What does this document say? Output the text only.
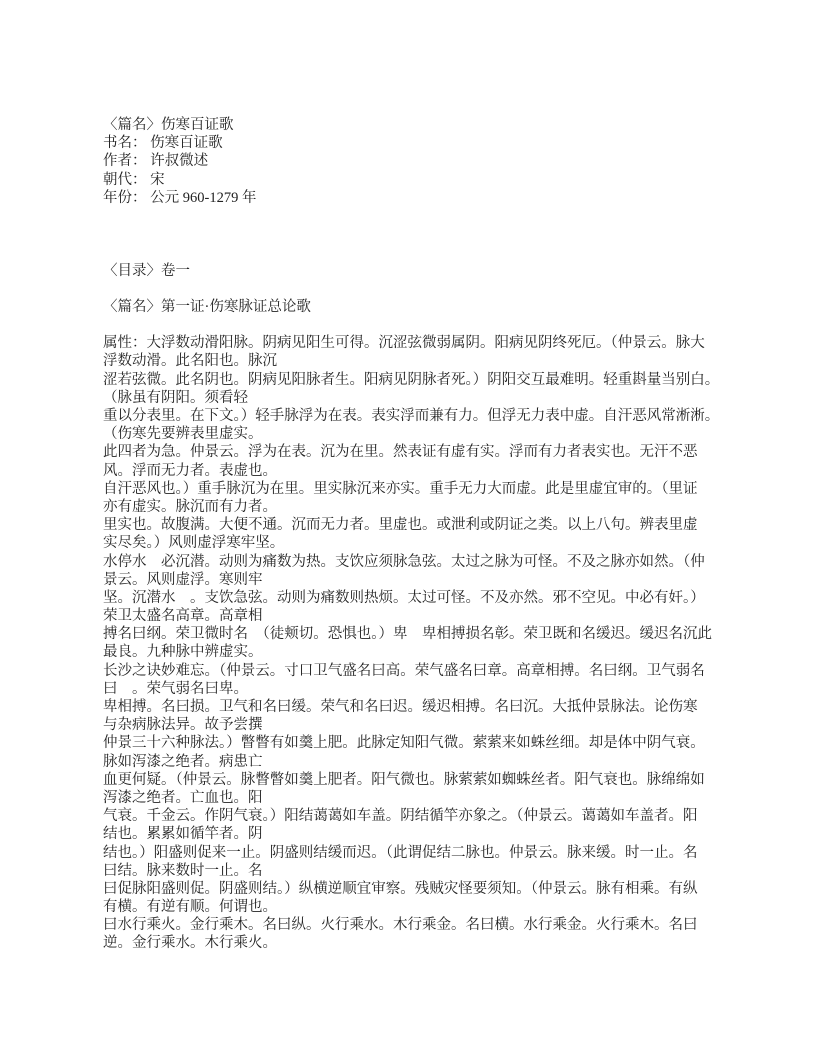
〈篇名〉伤寒百证歌
书名： 伤寒百证歌
作者： 许叔微述
朝代： 宋
年份： 公元 960-1279 年
〈目录〉卷一
〈篇名〉第一证·伤寒脉证总论歌
属性：大浮数动滑阳脉。阴病见阳生可得。沉涩弦微弱属阴。阳病见阴终死厄。（仲景云。脉大
浮数动滑。此名阳也。脉沉
涩若弦微。此名阴也。阴病见阳脉者生。阳病见阴脉者死。）阴阳交互最难明。轻重斟量当别白。
（脉虽有阴阳。须看轻
重以分表里。在下文。）轻手脉浮为在表。表实浮而兼有力。但浮无力表中虚。自汗恶风常淅淅。
（伤寒先要辨表里虚实。
此四者为急。仲景云。浮为在表。沉为在里。然表证有虚有实。浮而有力者表实也。无汗不恶
风。浮而无力者。表虚也。
自汗恶风也。）重手脉沉为在里。里实脉沉来亦实。重手无力大而虚。此是里虚宜审的。（里证
亦有虚实。脉沉而有力者。
里实也。故腹满。大便不通。沉而无力者。里虚也。或泄利或阴证之类。以上八句。辨表里虚
实尽矣。）风则虚浮寒牢坚。
水停水　必沉潜。动则为痛数为热。支饮应须脉急弦。太过之脉为可怪。不及之脉亦如然。（仲
景云。风则虚浮。寒则牢
坚。沉潜水　。支饮急弦。动则为痛数则热烦。太过可怪。不及亦然。邪不空见。中必有奸。）
荣卫太盛名高章。高章相
搏名曰纲。荣卫微时名　（徒颊切。恐惧也。）卑　卑相搏损名彰。荣卫既和名缓迟。缓迟名沉此
最良。九种脉中辨虚实。
长沙之诀妙难忘。（仲景云。寸口卫气盛名曰高。荣气盛名曰章。高章相搏。名曰纲。卫气弱名
曰　。荣气弱名曰卑。
卑相搏。名曰损。卫气和名曰缓。荣气和名曰迟。缓迟相搏。名曰沉。大抵仲景脉法。论伤寒
与杂病脉法异。故予尝撰
仲景三十六种脉法。）瞥瞥有如羹上肥。此脉定知阳气微。萦萦来如蛛丝细。却是体中阴气衰。
脉如泻漆之绝者。病患亡
血更何疑。（仲景云。脉瞥瞥如羹上肥者。阳气微也。脉萦萦如蜘蛛丝者。阳气衰也。脉绵绵如
泻漆之绝者。亡血也。阳
气衰。千金云。作阴气衰。）阳结蔼蔼如车盖。阴结循竿亦象之。（仲景云。蔼蔼如车盖者。阳
结也。累累如循竿者。阴
结也。）阳盛则促来一止。阴盛则结缓而迟。（此谓促结二脉也。仲景云。脉来缓。时一止。名
曰结。脉来数时一止。名
曰促脉阳盛则促。阴盛则结。）纵横逆顺宜审察。残贼灾怪要须知。（仲景云。脉有相乘。有纵
有横。有逆有顺。何谓也。
曰水行乘火。金行乘木。名曰纵。火行乘水。木行乘金。名曰横。水行乘金。火行乘木。名曰
逆。金行乘水。木行乘火。
